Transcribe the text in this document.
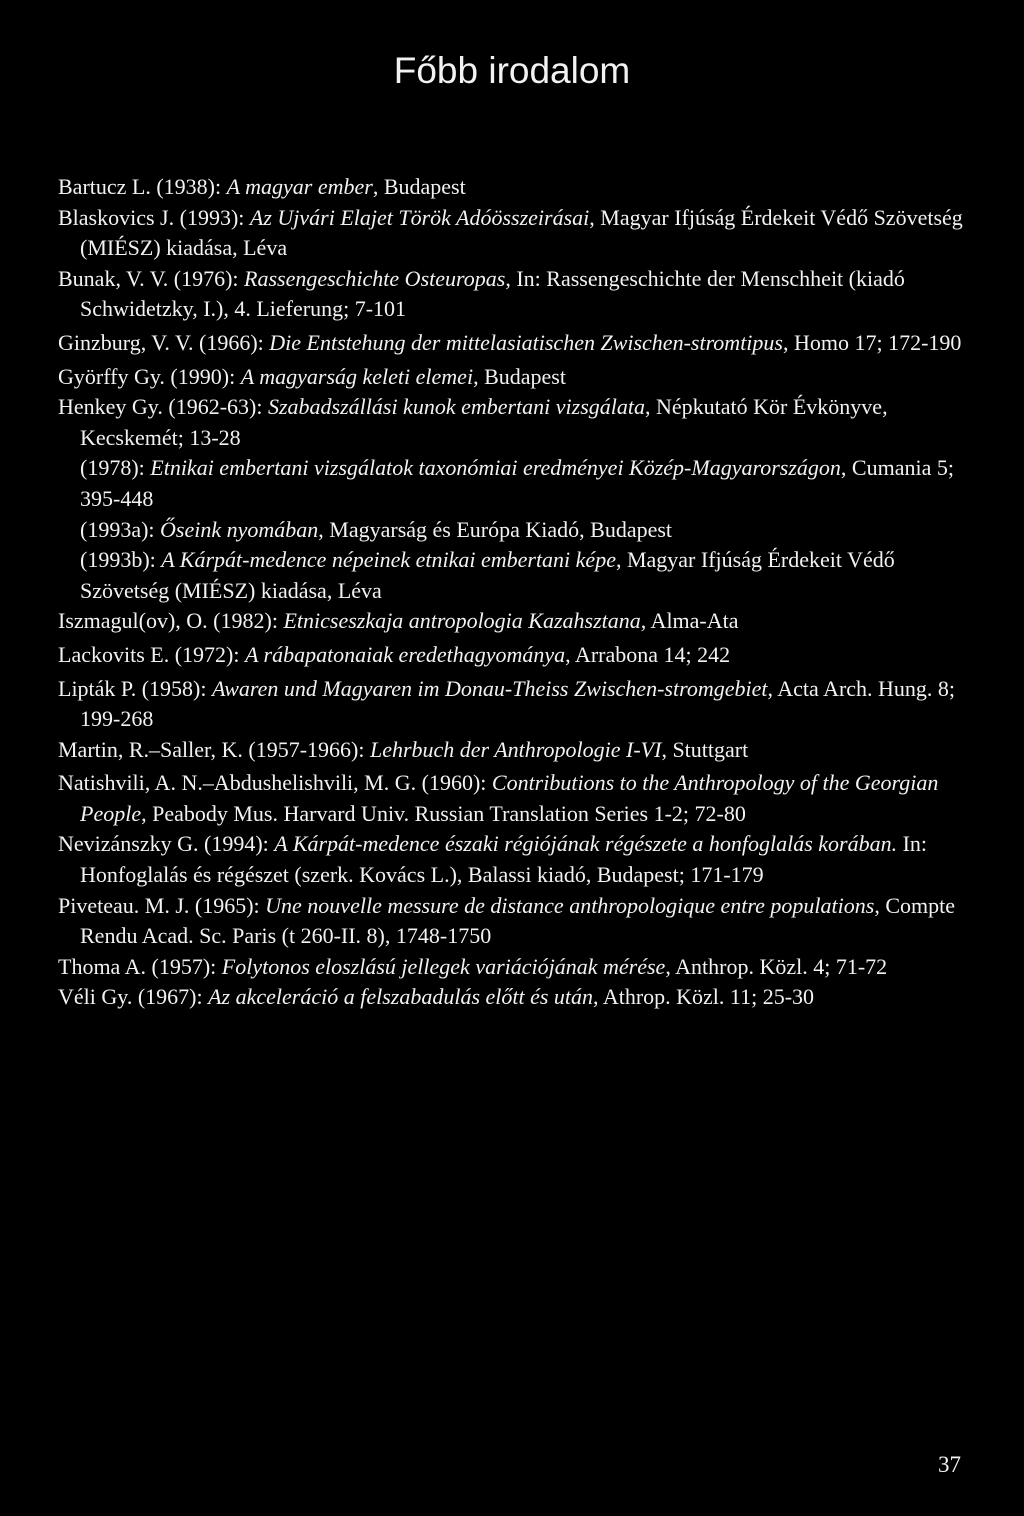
Főbb irodalom

Bartucz L. (1938): A magyar ember, Budapest

Blaskovics J. (1993): Az Ujvári Elajet Török Adóösszeirásai, Magyar Ifjúság Érdekeit Védő Szövetség (MIÉSZ) kiadása, Léva

Bunak, V. V. (1976): Rassengeschichte Osteuropas, In: Rassengeschichte der Menschheit (kiadó Schwidetzky, I.), 4. Lieferung; 7-101

Ginzburg, V. V. (1966): Die Entstehung der mittelasiatischen Zwischen-stromtipus, Homo 17; 172-190

Györffy Gy. (1990): A magyarság keleti elemei, Budapest

Henkey Gy. (1962-63): Szabadszállási kunok embertani vizsgálata, Népkutató Kör Évkönyve, Kecskemét; 13-28

(1978): Etnikai embertani vizsgálatok taxonómiai eredményei Közép-Magyarországon, Cumania 5; 395-448

(1993a): Őseink nyomában, Magyarság és Európa Kiadó, Budapest

(1993b): A Kárpát-medence népeinek etnikai embertani képe, Magyar Ifjúság Érdekeit Védő Szövetség (MIÉSZ) kiadása, Léva

Iszmagul(ov), O. (1982): Etnicseszkaja antropologia Kazahsztana, Alma-Ata

Lackovits E. (1972): A rábapatonaiak eredethagyománya, Arrabona 14; 242

Lipták P. (1958): Awaren und Magyaren im Donau-Theiss Zwischen-stromgebiet, Acta Arch. Hung. 8; 199-268

Martin, R.–Saller, K. (1957-1966): Lehrbuch der Anthropologie I-VI, Stuttgart

Natishvili, A. N.–Abdushelishvili, M. G. (1960): Contributions to the Anthropology of the Georgian People, Peabody Mus. Harvard Univ. Russian Translation Series 1-2; 72-80

Nevizánszky G. (1994): A Kárpát-medence északi régiójának régészete a honfoglalás korában. In: Honfoglalás és régészet (szerk. Kovács L.), Balassi kiadó, Budapest; 171-179

Piveteau. M. J. (1965): Une nouvelle messure de distance anthropologique entre populations, Compte Rendu Acad. Sc. Paris (t 260-II. 8), 1748-1750

Thoma A. (1957): Folytonos eloszlású jellegek variációjának mérése, Anthrop. Közl. 4; 71-72

Véli Gy. (1967): Az akceleráció a felszabadulás előtt és után, Athrop. Közl. 11; 25-30

37
